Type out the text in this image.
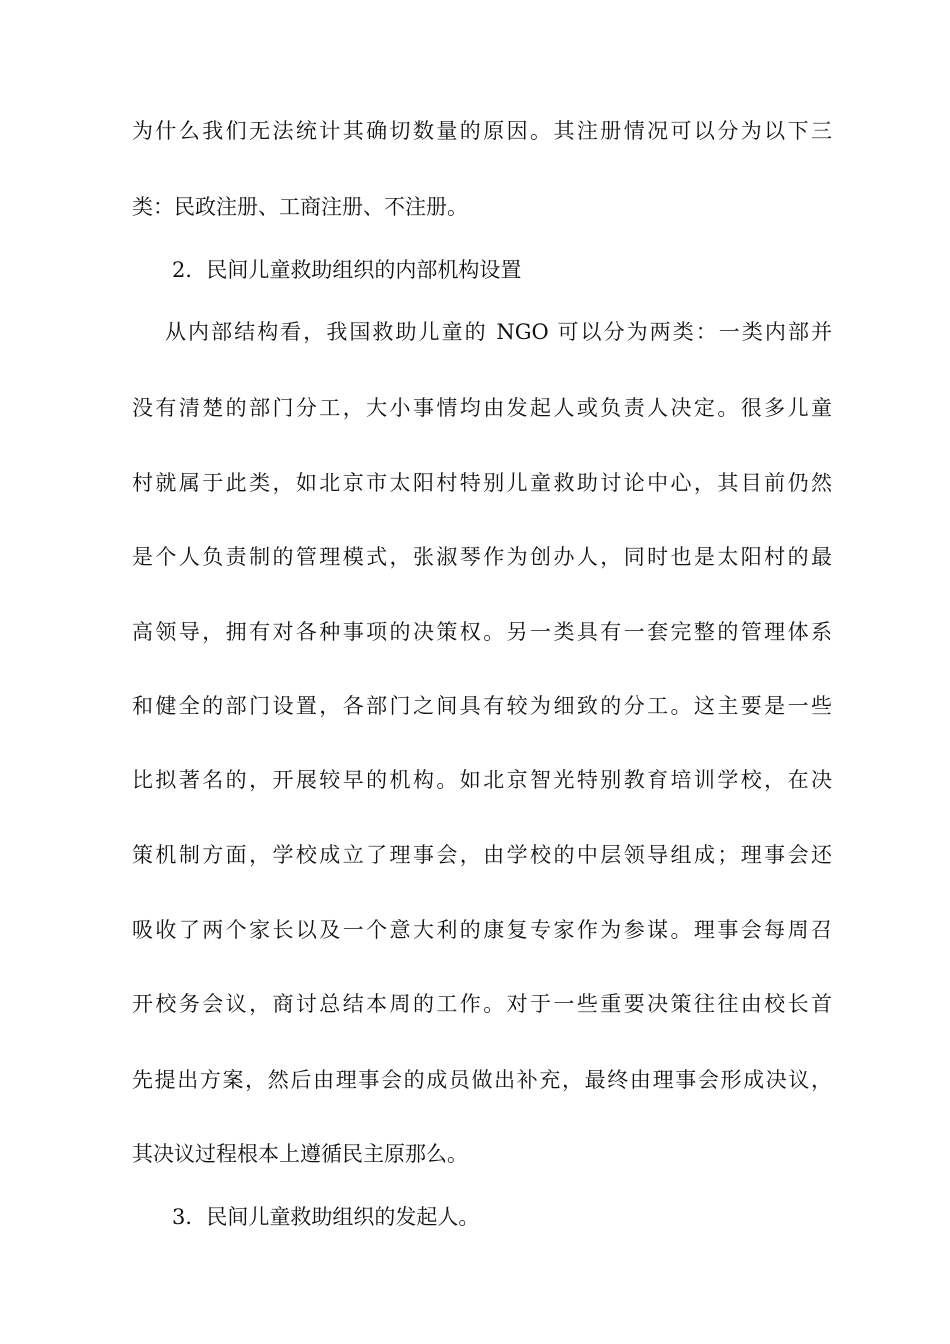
为什么我们无法统计其确切数量的原因。其注册情况可以分为以下三
类：民政注册、工商注册、不注册。
2．民间儿童救助组织的内部机构设置
从内部结构看，我国救助儿童的 NGO 可以分为两类：一类内部并
没有清楚的部门分工，大小事情均由发起人或负责人决定。很多儿童
村就属于此类，如北京市太阳村特别儿童救助讨论中心，其目前仍然
是个人负责制的管理模式，张淑琴作为创办人，同时也是太阳村的最
高领导，拥有对各种事项的决策权。另一类具有一套完整的管理体系
和健全的部门设置，各部门之间具有较为细致的分工。这主要是一些
比拟著名的，开展较早的机构。如北京智光特别教育培训学校，在决
策机制方面，学校成立了理事会，由学校的中层领导组成；理事会还
吸收了两个家长以及一个意大利的康复专家作为参谋。理事会每周召
开校务会议，商讨总结本周的工作。对于一些重要决策往往由校长首
先提出方案，然后由理事会的成员做出补充，最终由理事会形成决议，
其决议过程根本上遵循民主原那么。
3．民间儿童救助组织的发起人。
